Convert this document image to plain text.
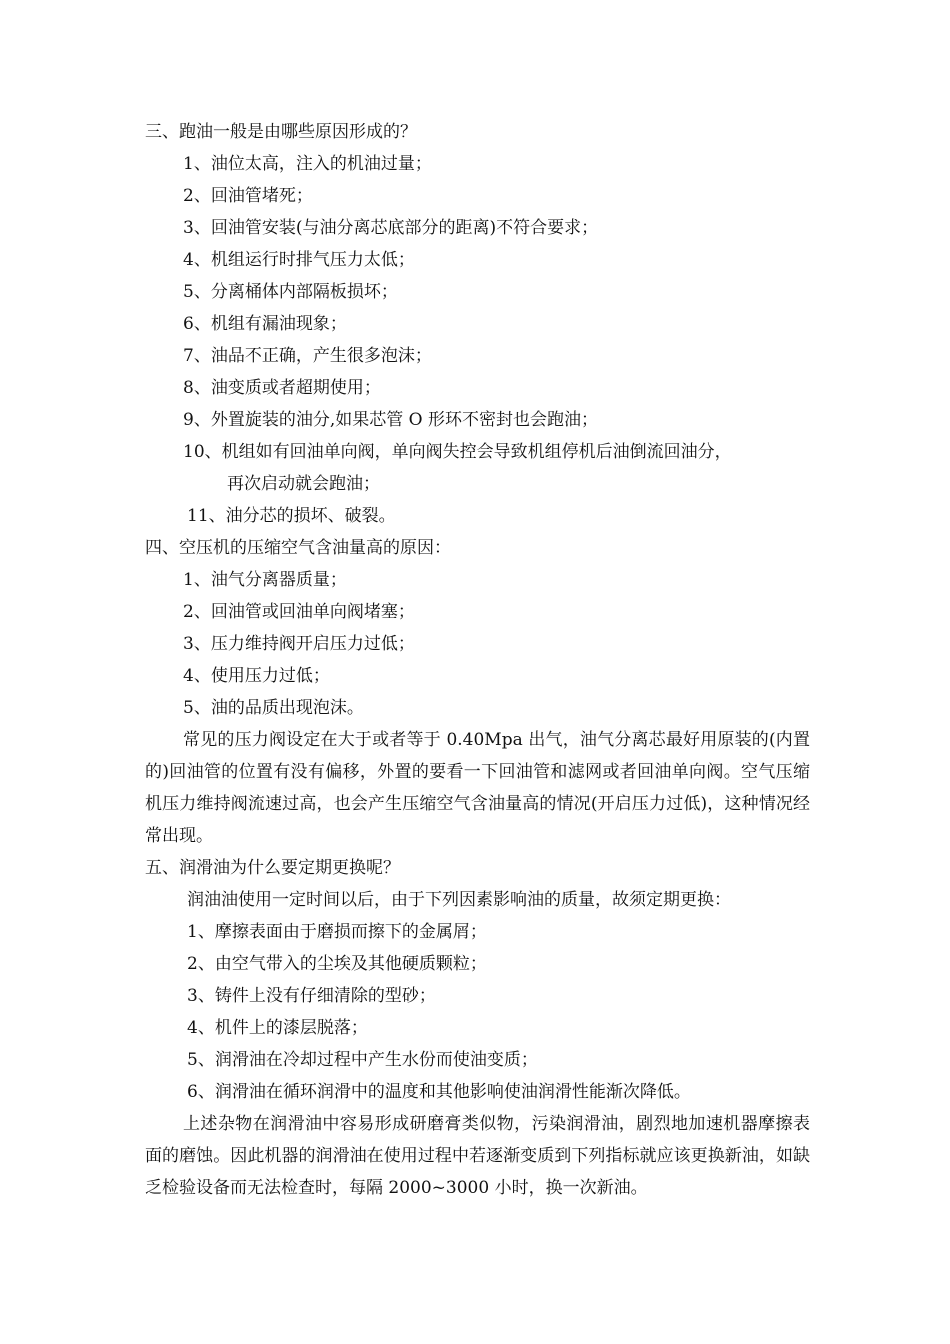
三、跑油一般是由哪些原因形成的？
1、油位太高，注入的机油过量；
2、回油管堵死；
3、回油管安装(与油分离芯底部分的距离)不符合要求；
4、机组运行时排气压力太低；
5、分离桶体内部隔板损坏；
6、机组有漏油现象；
7、油品不正确，产生很多泡沫；
8、油变质或者超期使用；
9、外置旋装的油分,如果芯管 O 形环不密封也会跑油；
10、机组如有回油单向阀，单向阀失控会导致机组停机后油倒流回油分，
再次启动就会跑油；
11、油分芯的损坏、破裂。
四、空压机的压缩空气含油量高的原因：
1、油气分离器质量；
2、回油管或回油单向阀堵塞；
3、压力维持阀开启压力过低；
4、使用压力过低；
5、油的品质出现泡沫。
常见的压力阀设定在大于或者等于 0.40Mpa 出气，油气分离芯最好用原装的(内置的)回油管的位置有没有偏移，外置的要看一下回油管和滤网或者回油单向阀。空气压缩机压力维持阀流速过高，也会产生压缩空气含油量高的情况(开启压力过低)，这种情况经常出现。
五、润滑油为什么要定期更换呢？
润油油使用一定时间以后，由于下列因素影响油的质量，故须定期更换：
1、摩擦表面由于磨损而擦下的金属屑；
2、由空气带入的尘埃及其他硬质颗粒；
3、铸件上没有仔细清除的型砂；
4、机件上的漆层脱落；
5、润滑油在冷却过程中产生水份而使油变质；
6、润滑油在循环润滑中的温度和其他影响使油润滑性能渐次降低。
上述杂物在润滑油中容易形成研磨膏类似物，污染润滑油，剧烈地加速机器摩擦表面的磨蚀。因此机器的润滑油在使用过程中若逐渐变质到下列指标就应该更换新油，如缺乏检验设备而无法检查时，每隔 2000~3000 小时，换一次新油。
